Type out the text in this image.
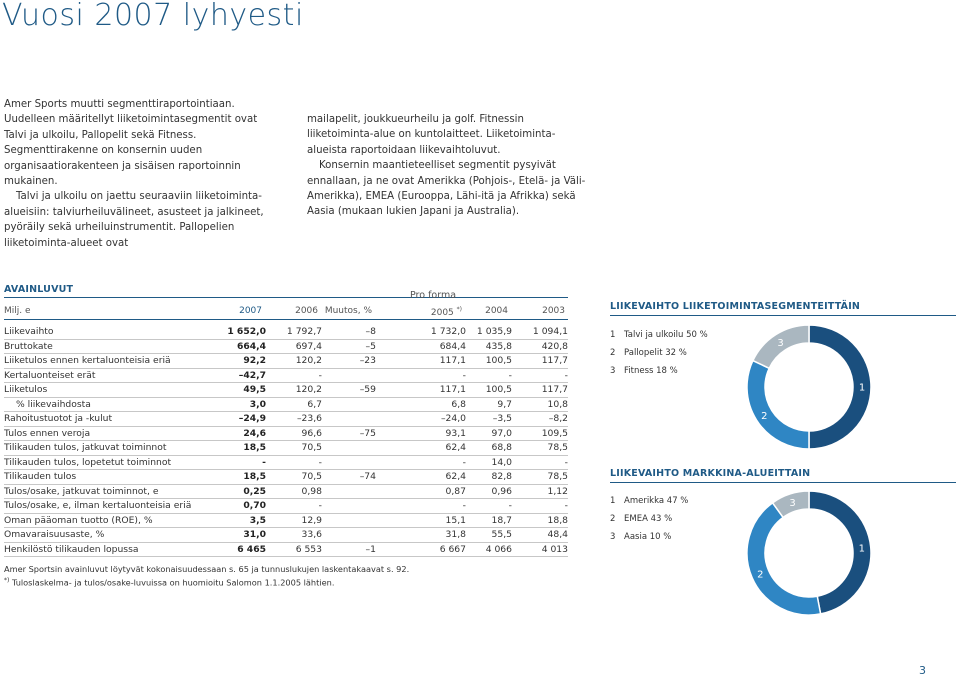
Vuosi 2007 lyhyesti

Amer Sports muutti segmenttiraportointiaan. Uudelleen määritellyt liiketoimintasegmentit ovat Talvi ja ulkoilu, Pallopelit sekä Fitness. Segmenttirakenne on konsernin uuden organisaatiorakenteen ja sisäisen raportoinnin mukainen.

Talvi ja ulkoilu on jaettu seuraaviin liiketoiminta-alueisiin: talviurheiluvälineet, asusteet ja jalkineet, pyöräily sekä urheiluinstrumentit. Pallopelien liiketoiminta-alueet ovat

mailapelit, joukkueurheilu ja golf. Fitnessin liiketoiminta-alue on kuntolaitteet. Liiketoiminta-alueista raportoidaan liikevaihtoluvut.

Konsernin maantieteelliset segmentit pysyivät ennallaan, ja ne ovat Amerikka (Pohjois-, Etelä- ja Väli-Amerikka), EMEA (Eurooppa, Lähi-itä ja Afrikka) sekä Aasia (mukaan lukien Japani ja Australia).

AVAINLUVUT
Pro forma
Milj. e	2007	2006 Muutos, %	2005 *)	2004	2003
Liikevaihto	1 652,0	1 792,7	–8	1 732,0	1 035,9	1 094,1
Bruttokate	664,4	697,4	–5	684,4	435,8	420,8
Liiketulos ennen kertaluonteisia eriä	92,2	120,2	–23	117,1	100,5	117,7
Kertaluonteiset erät	–42,7	-		-	-	-
Liiketulos	49,5	120,2	–59	117,1	100,5	117,7
% liikevaihdosta	3,0	6,7		6,8	9,7	10,8
Rahoitustuotot ja -kulut	–24,9	–23,6		–24,0	–3,5	–8,2
Tulos ennen veroja	24,6	96,6	–75	93,1	97,0	109,5
Tilikauden tulos, jatkuvat toiminnot	18,5	70,5		62,4	68,8	78,5
Tilikauden tulos, lopetetut toiminnot	-	-		-	14,0	-
Tilikauden tulos	18,5	70,5	–74	62,4	82,8	78,5
Tulos/osake, jatkuvat toiminnot, e	0,25	0,98		0,87	0,96	1,12
Tulos/osake, e, ilman kertaluonteisia eriä	0,70	-		-	-	-
Oman pääoman tuotto (ROE), %	3,5	12,9		15,1	18,7	18,8
Omavaraisuusaste, %	31,0	33,6		31,8	55,5	48,4
Henkilöstö tilikauden lopussa	6 465	6 553	–1	6 667	4 066	4 013
Amer Sportsin avainluvut löytyvät kokonaisuudessaan s. 65 ja tunnuslukujen laskentakaavat s. 92.
*) Tuloslaskelma- ja tulos/osake-luvuissa on huomioitu Salomon 1.1.2005 lähtien.
LIIKEVAIHTO LIIKETOIMINTASEGMENTEITTÄIN
1 Talvi ja ulkoilu 50 %
2 Pallopelit 32 %
3 Fitness 18 %
1
2
3
LIIKEVAIHTO MARKKINA-ALUEITTAIN
1 Amerikka 47 %
2 EMEA 43 %
3 Aasia 10 %
1
2
3
3
